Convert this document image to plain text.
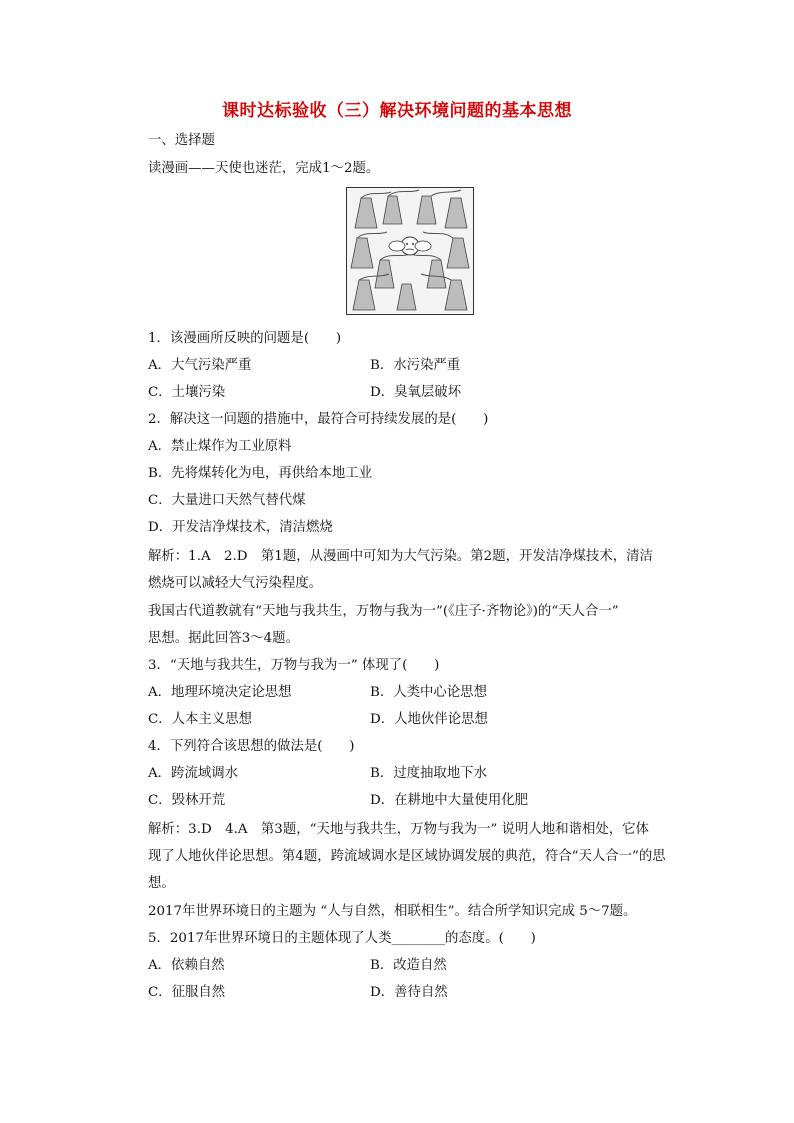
课时达标验收（三）解决环境问题的基本思想
一、选择题
读漫画——天使也迷茫，完成1～2题。
1．该漫画所反映的问题是(　　)
A．大气污染严重	B．水污染严重
C．土壤污染	D．臭氧层破坏
2．解决这一问题的措施中，最符合可持续发展的是(　　)
A．禁止煤作为工业原料
B．先将煤转化为电，再供给本地工业
C．大量进口天然气替代煤
D．开发洁净煤技术，清洁燃烧
解析：1.A　2.D　第1题，从漫画中可知为大气污染。第2题，开发洁净煤技术，清洁
燃烧可以减轻大气污染程度。
我国古代道教就有“天地与我共生，万物与我为一”(《庄子·齐物论》)的“天人合一”
思想。据此回答3～4题。
3．“天地与我共生，万物与我为一” 体现了(　　)
A．地理环境决定论思想	B．人类中心论思想
C．人本主义思想	D．人地伙伴论思想
4．下列符合该思想的做法是(　　)
A．跨流域调水	B．过度抽取地下水
C．毁林开荒	D．在耕地中大量使用化肥
解析：3.D　4.A　第3题，“天地与我共生，万物与我为一” 说明人地和谐相处，它体
现了人地伙伴论思想。第4题，跨流域调水是区域协调发展的典范，符合“天人合一”的思
想。
2017年世界环境日的主题为 “人与自然，相联相生”。结合所学知识完成 5～7题。
5．2017年世界环境日的主题体现了人类________的态度。(　　)
A．依赖自然	B．改造自然
C．征服自然	D．善待自然
